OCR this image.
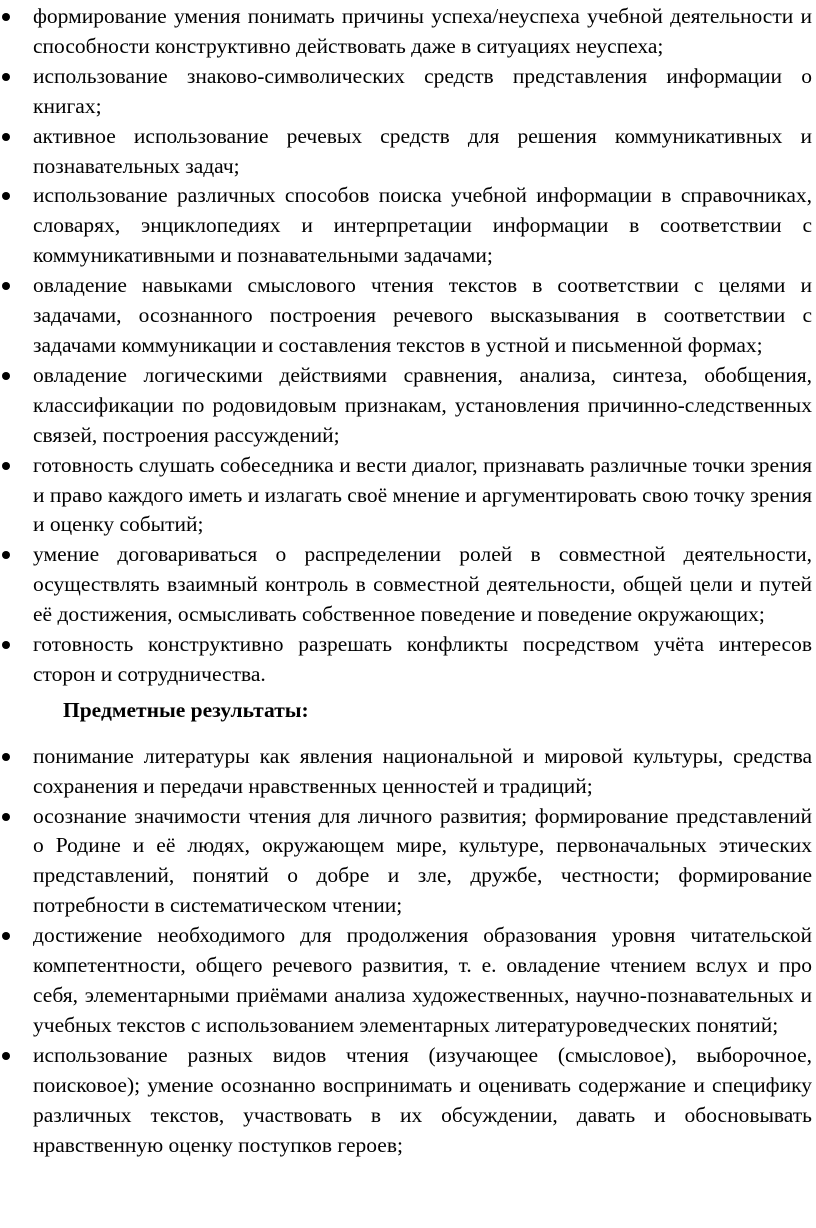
формирование умения понимать причины успеха/неуспеха учебной деятельности и способности конструктивно действовать даже в ситуациях неуспеха;
использование знаково-символических средств представления информации о книгах;
активное использование речевых средств для решения коммуникативных и познавательных задач;
использование различных способов поиска учебной информации в справочниках, словарях, энциклопедиях и интерпретации информации в соответствии с коммуникативными и познавательными задачами;
овладение навыками смыслового чтения текстов в соответствии с целями и задачами, осознанного построения речевого высказывания в соответствии с задачами коммуникации и составления текстов в устной и письменной формах;
овладение логическими действиями сравнения, анализа, синтеза, обобщения, классификации по родовидовым признакам, установления причинно-следственных связей, построения рассуждений;
готовность слушать собеседника и вести диалог, признавать различные точки зрения и право каждого иметь и излагать своё мнение и аргументировать свою точку зрения и оценку событий;
умение договариваться о распределении ролей в совместной деятельности, осуществлять взаимный контроль в совместной деятельности, общей цели и путей её достижения, осмысливать собственное поведение и поведение окружающих;
готовность конструктивно разрешать конфликты посредством учёта интересов сторон и сотрудничества.
Предметные результаты:
понимание литературы как явления национальной и мировой культуры, средства сохранения и передачи нравственных ценностей и традиций;
осознание значимости чтения для личного развития; формирование представлений о Родине и её людях, окружающем мире, культуре, первоначальных этических представлений, понятий о добре и зле, дружбе, честности; формирование потребности в систематическом чтении;
достижение необходимого для продолжения образования уровня читательской компетентности, общего речевого развития, т. е. овладение чтением вслух и про себя, элементарными приёмами анализа художественных, научно-познавательных и учебных текстов с использованием элементарных литературоведческих понятий;
использование разных видов чтения (изучающее (смысловое), выборочное, поисковое); умение осознанно воспринимать и оценивать содержание и специфику различных текстов, участвовать в их обсуждении, давать и обосновывать нравственную оценку поступков героев;
